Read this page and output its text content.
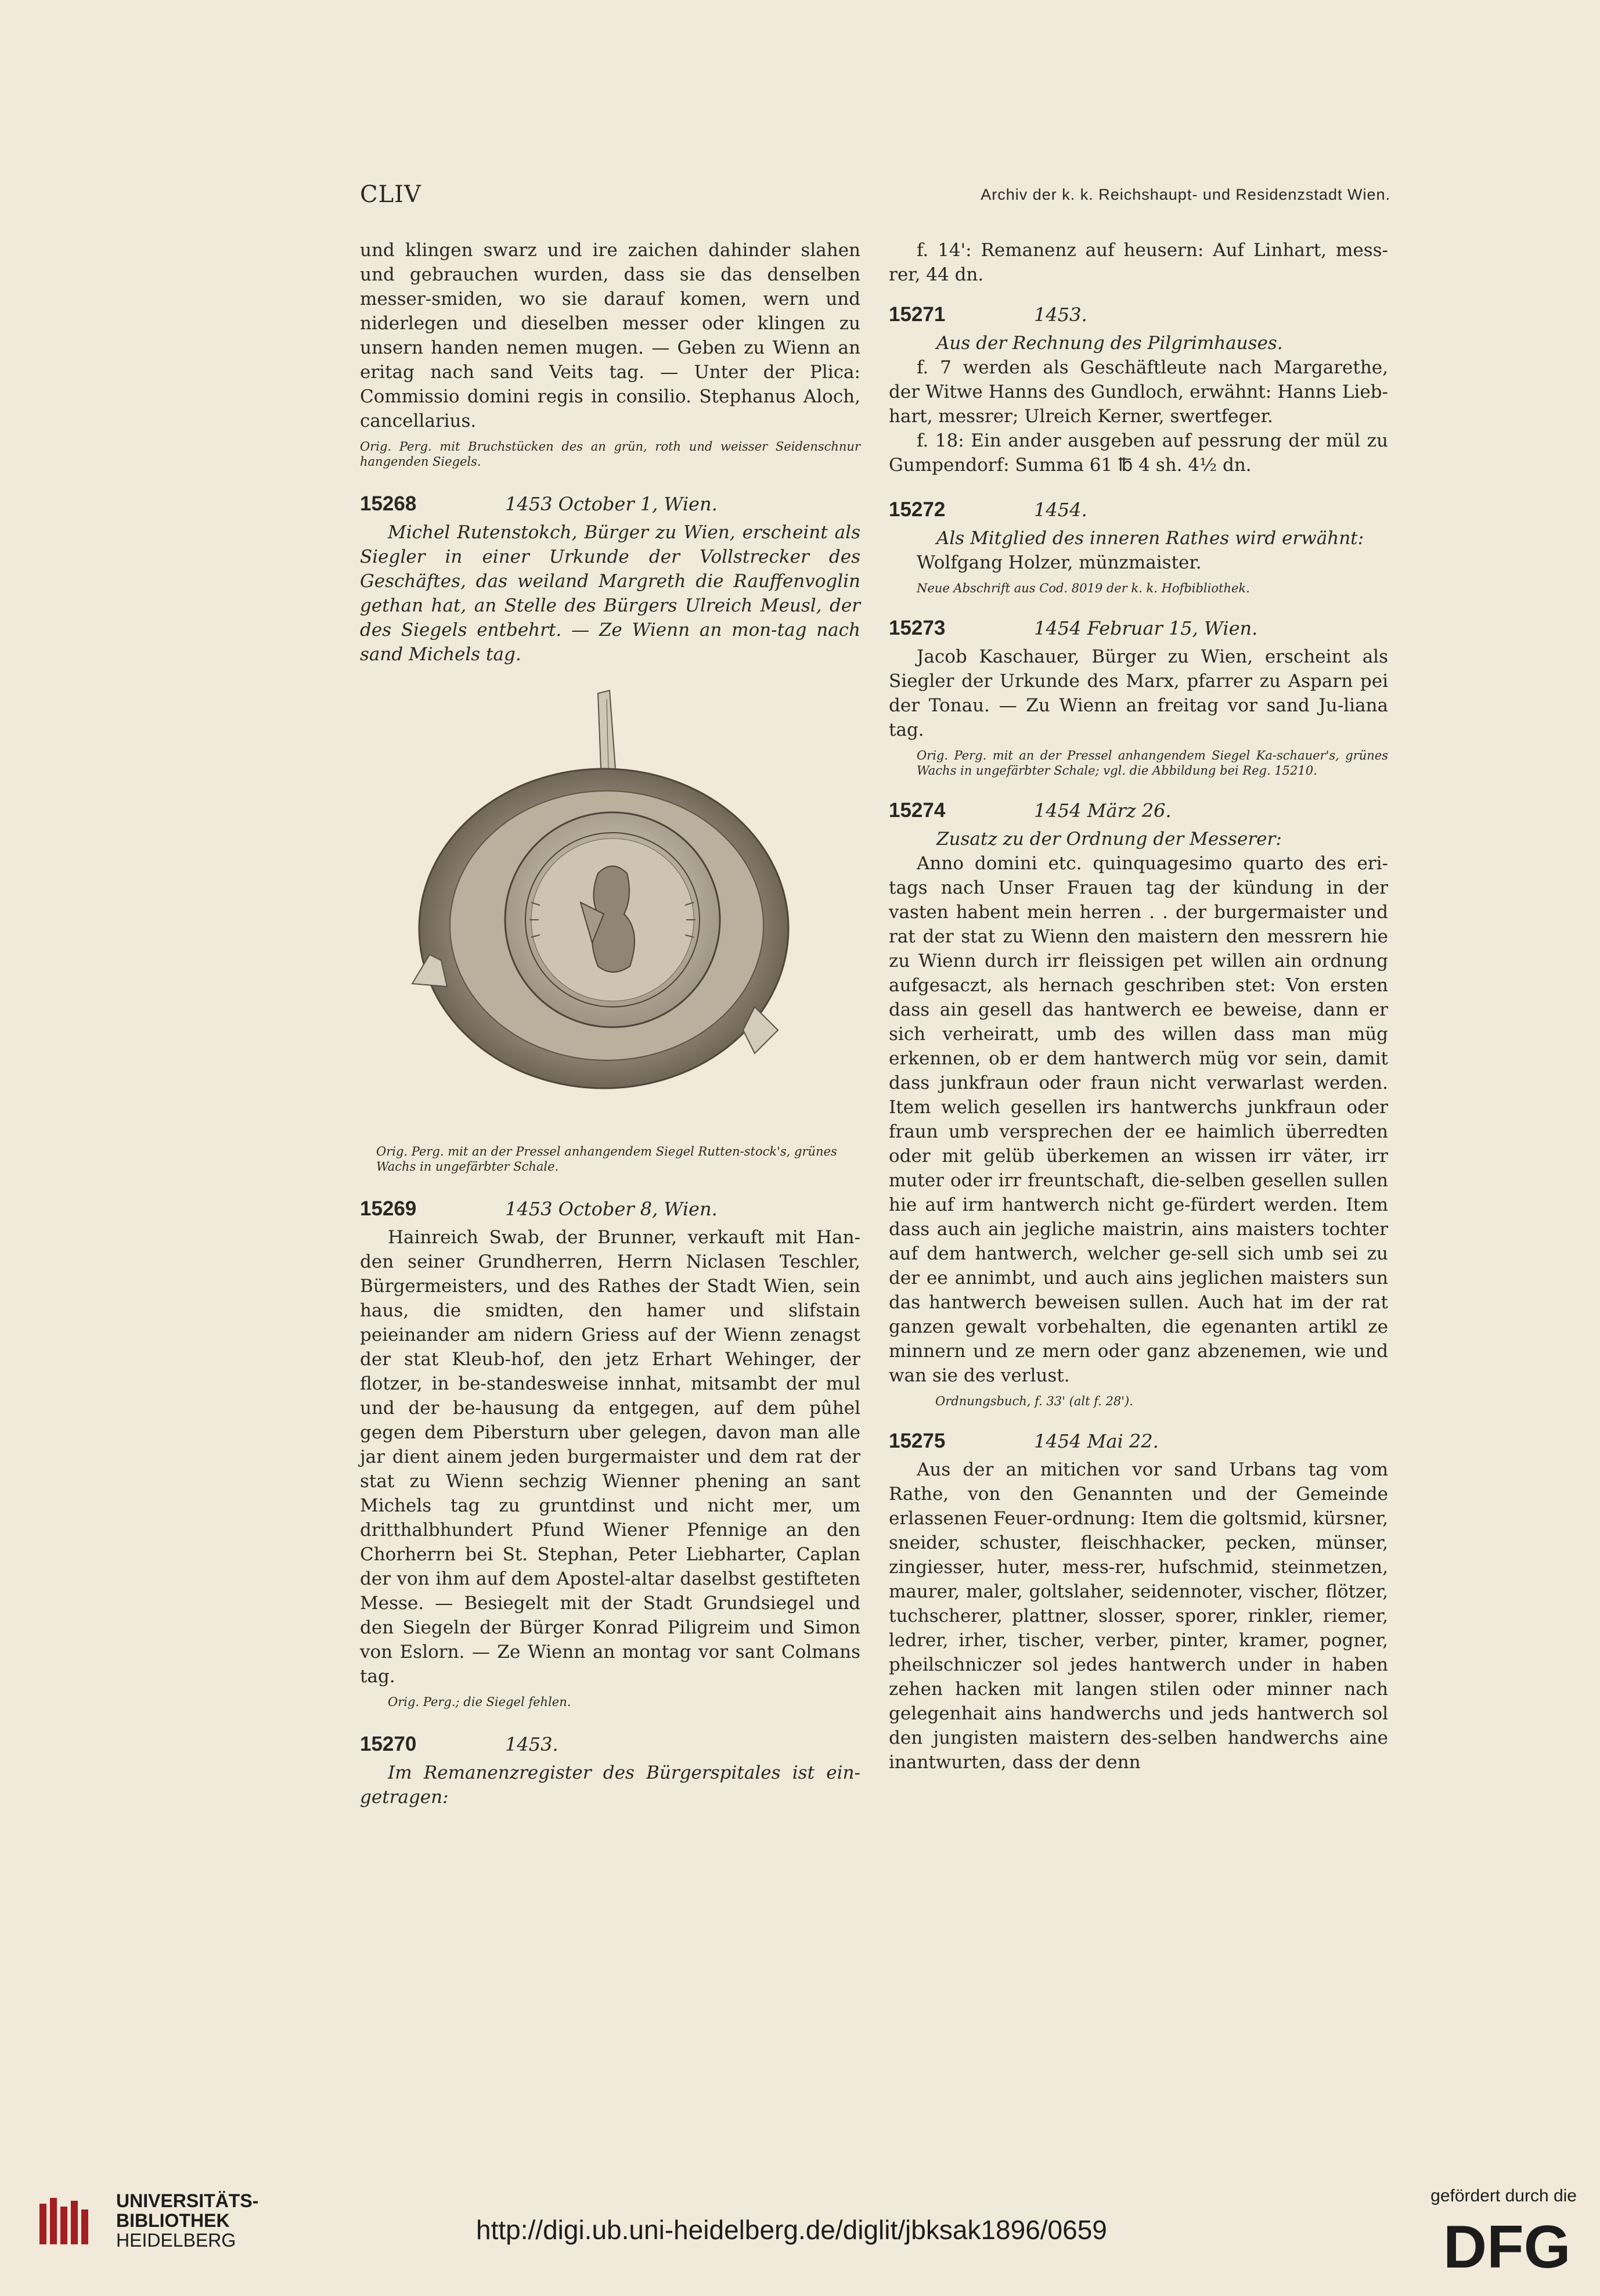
CLIV	Archiv der k. k. Reichshaupt- und Residenzstadt Wien.

und klingen swarz und ire zaichen dahinder slahen und gebrauchen wurden, dass sie das denselben messer-smiden, wo sie darauf komen, wern und niderlegen und dieselben messer oder klingen zu unsern handen nemen mugen. — Geben zu Wienn an eritag nach sand Veits tag. — Unter der Plica: Commissio domini regis in consilio. Stephanus Aloch, cancellarius.

Orig. Perg. mit Bruchstücken des an grün, roth und weisser Seidenschnur hangenden Siegels.

15268	1453 October 1, Wien.

Michel Rutenstokch, Bürger zu Wien, erscheint als Siegler in einer Urkunde der Vollstrecker des Geschäftes, das weiland Margreth die Rauffenvoglin gethan hat, an Stelle des Bürgers Ulreich Meusl, der des Siegels entbehrt. — Ze Wienn an mon-tag nach sand Michels tag.

Orig. Perg. mit an der Pressel anhangendem Siegel Rutten-stock's, grünes Wachs in ungefärbter Schale.

15269	1453 October 8, Wien.

Hainreich Swab, der Brunner, verkauft mit Han-den seiner Grundherren, Herrn Niclasen Teschler, Bürgermeisters, und des Rathes der Stadt Wien, sein haus, die smidten, den hamer und slifstain peieinander am nidern Griess auf der Wienn zenagst der stat Kleub-hof, den jetz Erhart Wehinger, der flotzer, in be-standesweise innhat, mitsambt der mul und der be-hausung da entgegen, auf dem pûhel gegen dem Pibersturn uber gelegen, davon man alle jar dient ainem jeden burgermaister und dem rat der stat zu Wienn sechzig Wienner phening an sant Michels tag zu gruntdinst und nicht mer, um dritthalbhundert Pfund Wiener Pfennige an den Chorherrn bei St. Stephan, Peter Liebharter, Caplan der von ihm auf dem Apostel-altar daselbst gestifteten Messe. — Besiegelt mit der Stadt Grundsiegel und den Siegeln der Bürger Konrad Piligreim und Simon von Eslorn. — Ze Wienn an montag vor sant Colmans tag.

Orig. Perg.; die Siegel fehlen.

15270	1453.

Im Remanenzregister des Bürgerspitales ist ein-getragen:

f. 14': Remanenz auf heusern: Auf Linhart, mess-rer, 44 dn.

15271	1453.

Aus der Rechnung des Pilgrimhauses.

f. 7 werden als Geschäftleute nach Margarethe, der Witwe Hanns des Gundloch, erwähnt: Hanns Lieb-hart, messrer; Ulreich Kerner, swertfeger.

f. 18: Ein ander ausgeben auf pessrung der mül zu Gumpendorf: Summa 61 ℔ 4 sh. 4½ dn.

15272	1454.

Als Mitglied des inneren Rathes wird erwähnt:

Wolfgang Holzer, münzmaister.

Neue Abschrift aus Cod. 8019 der k. k. Hofbibliothek.

15273	1454 Februar 15, Wien.

Jacob Kaschauer, Bürger zu Wien, erscheint als Siegler der Urkunde des Marx, pfarrer zu Asparn pei der Tonau. — Zu Wienn an freitag vor sand Ju-liana tag.

Orig. Perg. mit an der Pressel anhangendem Siegel Ka-schauer's, grünes Wachs in ungefärbter Schale; vgl. die Abbildung bei Reg. 15210.

15274	1454 März 26.

Zusatz zu der Ordnung der Messerer:

Anno domini etc. quinquagesimo quarto des eri-tags nach Unser Frauen tag der kündung in der vasten habent mein herren . . der burgermaister und rat der stat zu Wienn den maistern den messrern hie zu Wienn durch irr fleissigen pet willen ain ordnung aufgesaczt, als hernach geschriben stet: Von ersten dass ain gesell das hantwerch ee beweise, dann er sich verheiratt, umb des willen dass man müg erkennen, ob er dem hantwerch müg vor sein, damit dass junkfraun oder fraun nicht verwarlast werden. Item welich gesellen irs hantwerchs junkfraun oder fraun umb versprechen der ee haimlich überredten oder mit gelüb überkemen an wissen irr väter, irr muter oder irr freuntschaft, die-selben gesellen sullen hie auf irm hantwerch nicht ge-fürdert werden. Item dass auch ain jegliche maistrin, ains maisters tochter auf dem hantwerch, welcher ge-sell sich umb sei zu der ee annimbt, und auch ains jeglichen maisters sun das hantwerch beweisen sullen. Auch hat im der rat ganzen gewalt vorbehalten, die egenanten artikl ze minnern und ze mern oder ganz abzenemen, wie und wan sie des verlust.

Ordnungsbuch, f. 33' (alt f. 28').

15275	1454 Mai 22.

Aus der an mitichen vor sand Urbans tag vom Rathe, von den Genannten und der Gemeinde erlassenen Feuer-ordnung: Item die goltsmid, kürsner, sneider, schuster, fleischhacker, pecken, münser, zingiesser, huter, mess-rer, hufschmid, steinmetzen, maurer, maler, goltslaher, seidennoter, vischer, flötzer, tuchscherer, plattner, slosser, sporer, rinkler, riemer, ledrer, irher, tischer, verber, pinter, kramer, pogner, pheilschniczer sol jedes hantwerch under in haben zehen hacken mit langen stilen oder minner nach gelegenhait ains handwerchs und jeds hantwerch sol den jungisten maistern des-selben handwerchs aine inantwurten, dass der denn

UNIVERSITÄTS-
BIBLIOTHEK
HEIDELBERG	http://digi.ub.uni-heidelberg.de/diglit/jbksak1896/0659
gefördert durch die
DFG
